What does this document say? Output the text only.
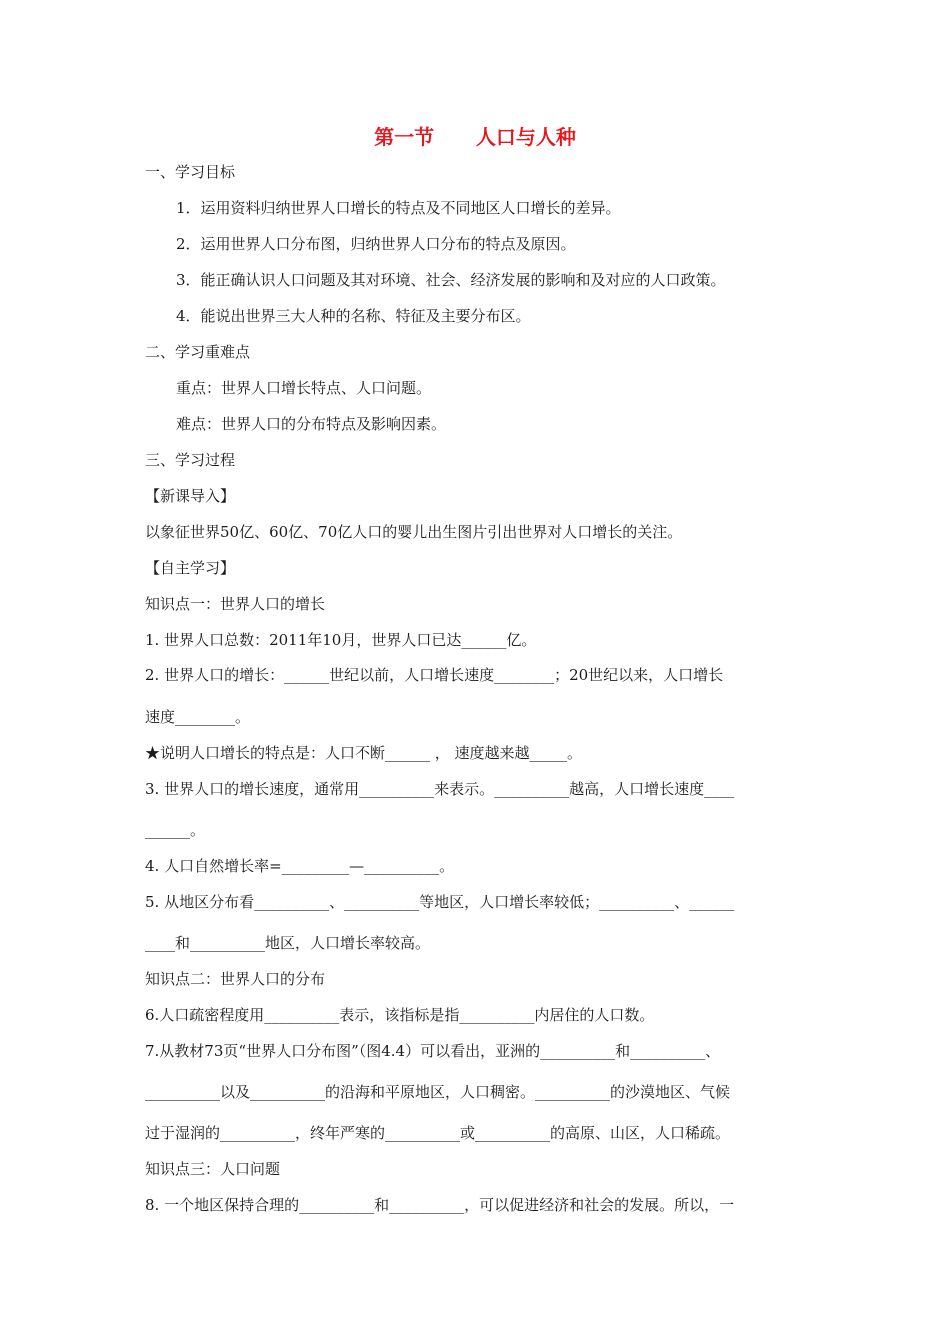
第一节      人口与人种
一、学习目标
1．运用资料归纳世界人口增长的特点及不同地区人口增长的差异。
2．运用世界人口分布图，归纳世界人口分布的特点及原因。
3．能正确认识人口问题及其对环境、社会、经济发展的影响和及对应的人口政策。
4．能说出世界三大人种的名称、特征及主要分布区。
二、学习重难点
重点：世界人口增长特点、人口问题。
难点：世界人口的分布特点及影响因素。
三、学习过程
【新课导入】
以象征世界50亿、60亿、70亿人口的婴儿出生图片引出世界对人口增长的关注。
【自主学习】
知识点一：世界人口的增长
1. 世界人口总数：2011年10月，世界人口已达______亿。
2. 世界人口的增长：______世纪以前，人口增长速度________；20世纪以来，人口增长
速度________。
★说明人口增长的特点是：人口不断______ ， 速度越来越_____。
3. 世界人口的增长速度，通常用__________来表示。__________越高，人口增长速度____
______。
4. 人口自然增长率=_________—__________。
5. 从地区分布看__________、__________等地区，人口增长率较低；__________、______
____和__________地区，人口增长率较高。
知识点二：世界人口的分布
6.人口疏密程度用__________表示，该指标是指__________内居住的人口数。
7.从教材73页“世界人口分布图”（图4.4）可以看出，亚洲的__________和__________、
__________以及__________的沿海和平原地区，人口稠密。__________的沙漠地区、气候
过于湿润的__________，终年严寒的__________或__________的高原、山区，人口稀疏。
知识点三：人口问题
8. 一个地区保持合理的__________和__________，可以促进经济和社会的发展。所以，一
